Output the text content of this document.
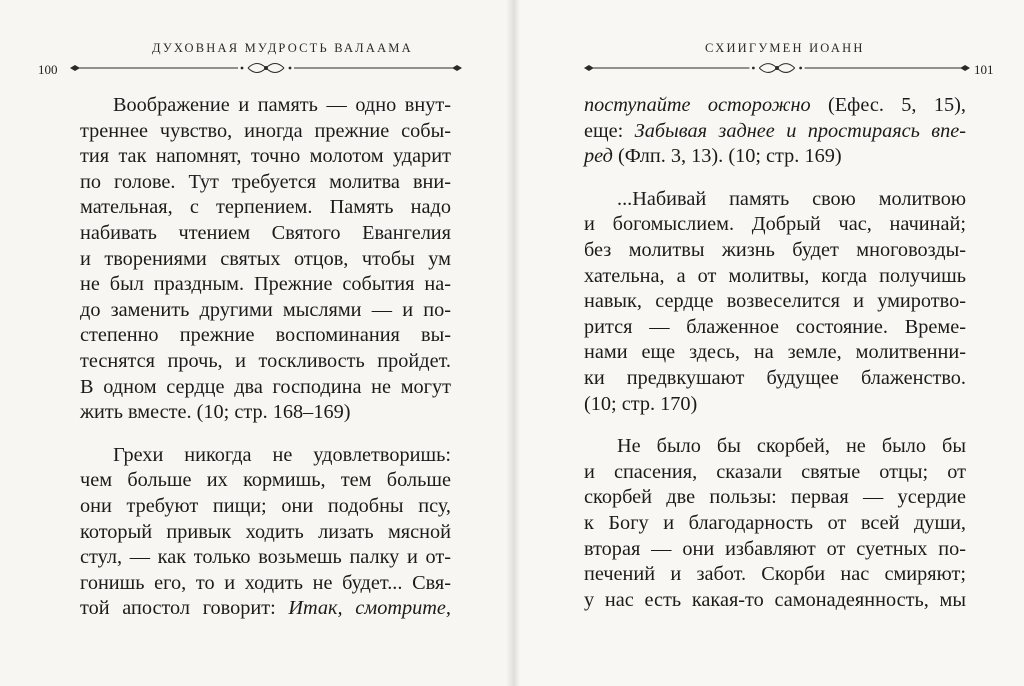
ДУХОВНАЯ МУДРОСТЬ ВАЛААМА
100
Воображение и память — одно внут-
треннее чувство, иногда прежние собы-
тия так напомнят, точно молотом ударит
по голове. Тут требуется молитва вни-
мательная, с терпением. Память надо
набивать чтением Святого Евангелия
и творениями святых отцов, чтобы ум
не был праздным. Прежние события на-
до заменить другими мыслями — и по-
степенно прежние воспоминания вы-
теснятся прочь, и тоскливость пройдет.
В одном сердце два господина не могут
жить вместе. (10; стр. 168–169)
Грехи никогда не удовлетворишь:
чем больше их кормишь, тем больше
они требуют пищи; они подобны псу,
который привык ходить лизать мясной
стул, — как только возьмешь палку и от-
гонишь его, то и ходить не будет... Свя-
той апостол говорит: Итак, смотрите,
СХИИГУМЕН ИОАНН
101
поступайте осторожно (Ефес. 5, 15),
еще: Забывая заднее и простираясь впе-
ред (Флп. 3, 13). (10; стр. 169)
...Набивай память свою молитвою
и богомыслием. Добрый час, начинай;
без молитвы жизнь будет многовозды-
хательна, а от молитвы, когда получишь
навык, сердце возвеселится и умиротво-
рится — блаженное состояние. Време-
нами еще здесь, на земле, молитвенни-
ки предвкушают будущее блаженство.
(10; стр. 170)
Не было бы скорбей, не было бы
и спасения, сказали святые отцы; от
скорбей две пользы: первая — усердие
к Богу и благодарность от всей души,
вторая — они избавляют от суетных по-
печений и забот. Скорби нас смиряют;
у нас есть какая-то самонадеянность, мы
